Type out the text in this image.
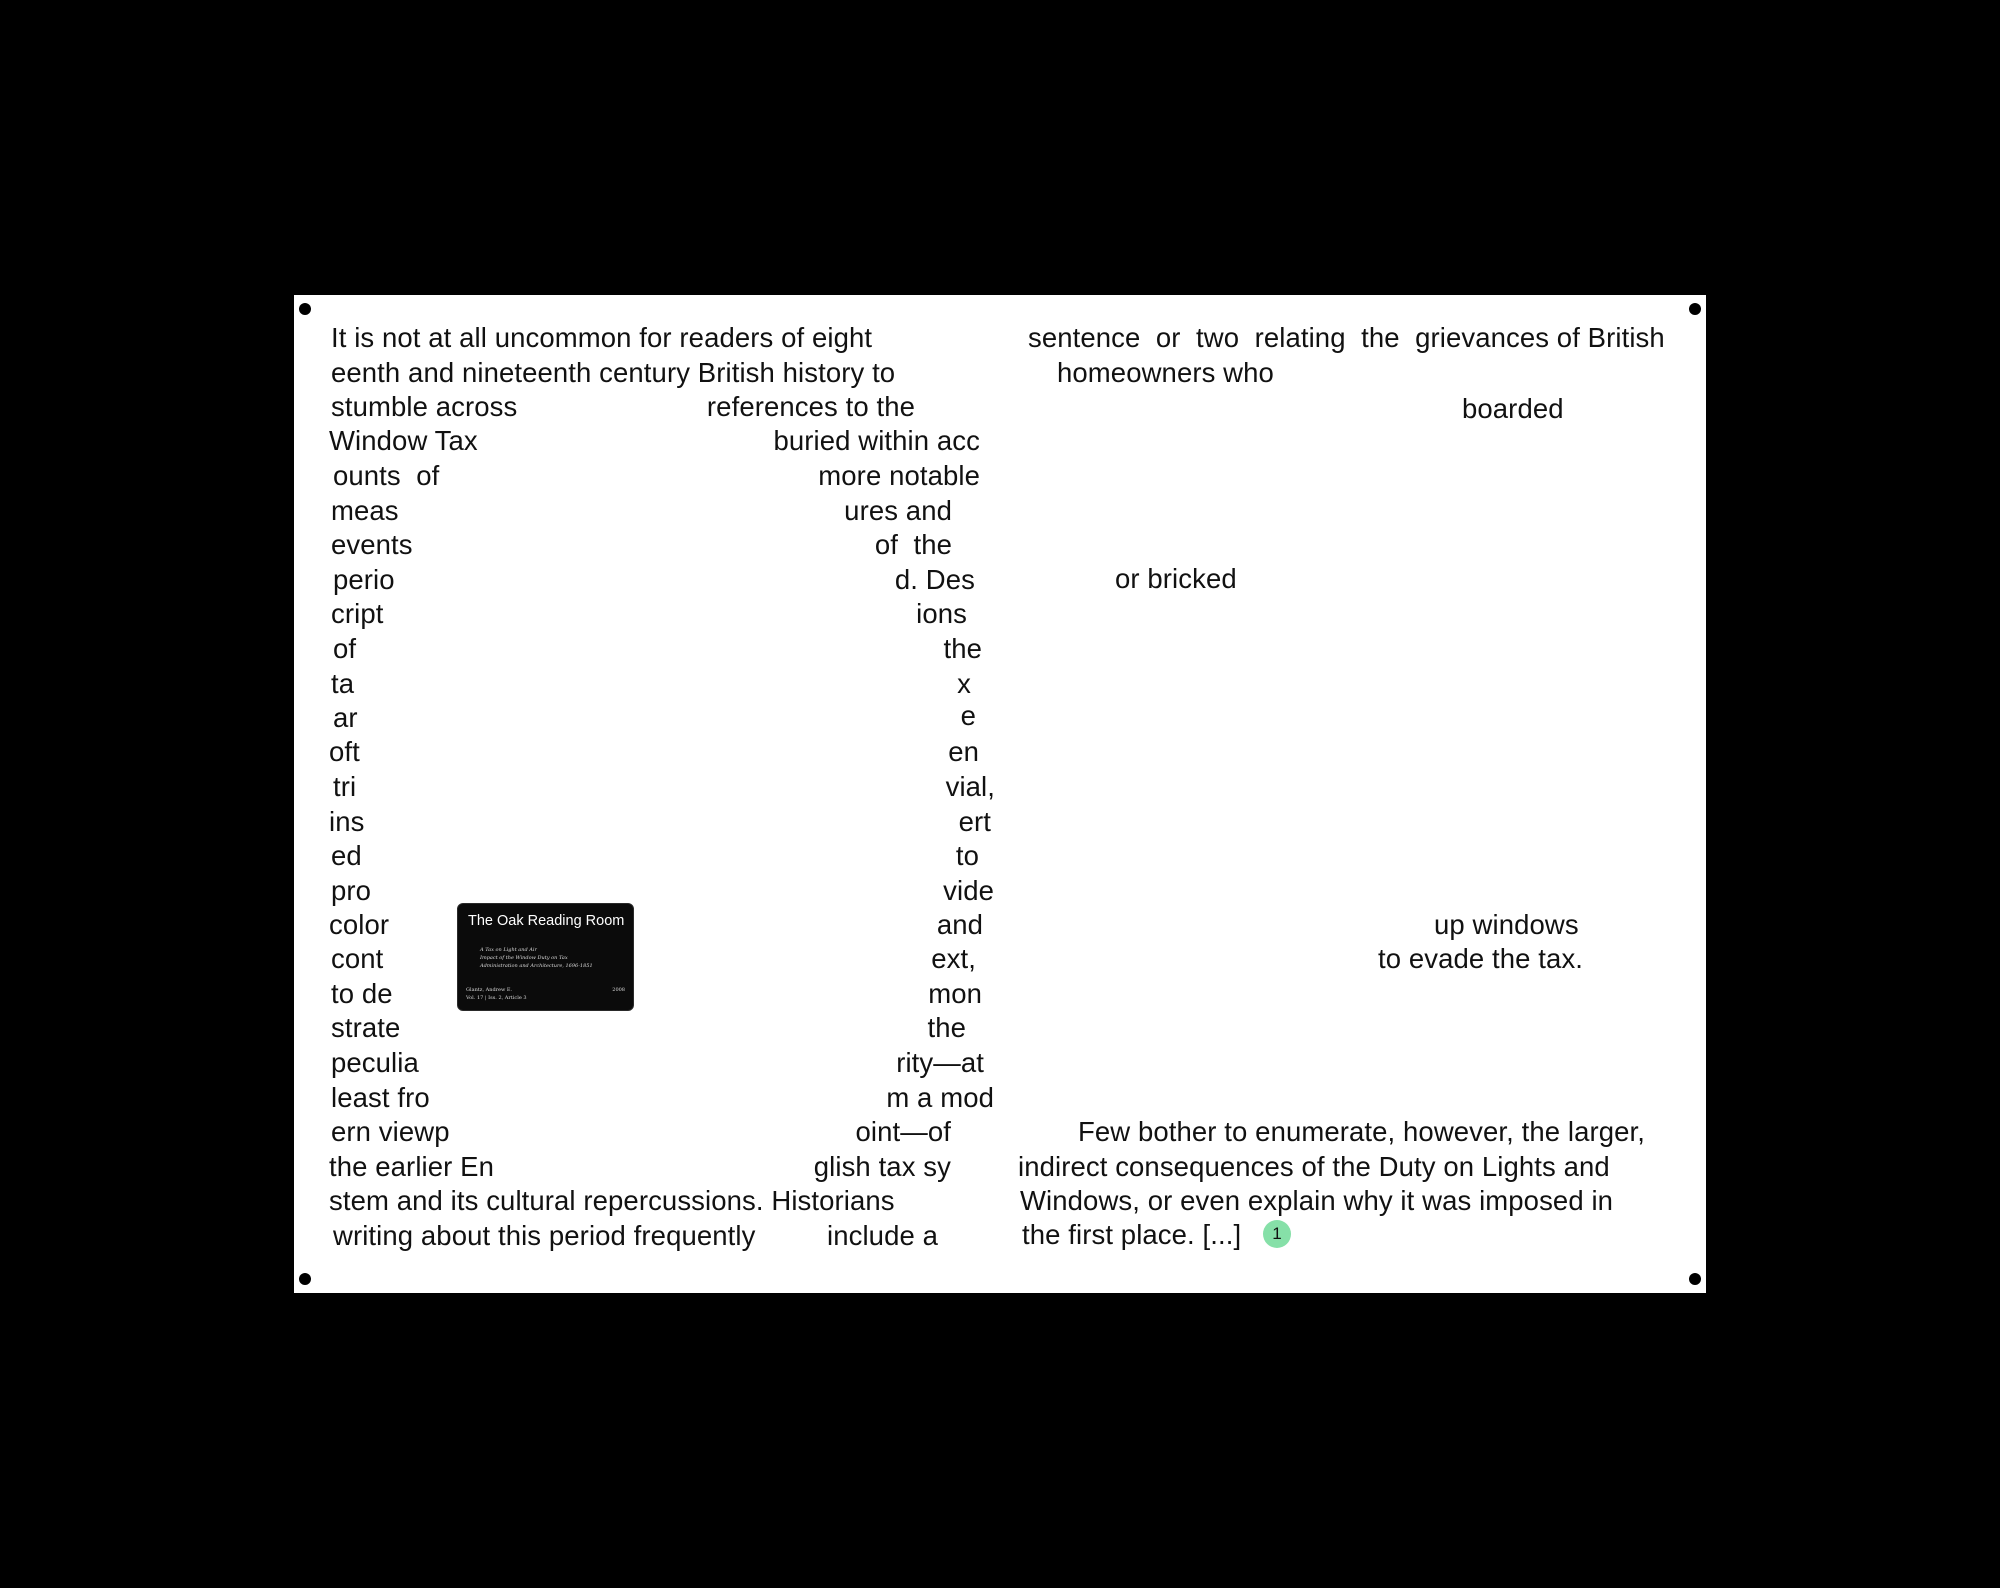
It is not at all uncommon for readers of eight
eenth and nineteenth century British history to
stumble across
Window Tax
ounts  of
meas
events
perio
cript
of
ta
ar
oft
tri
ins
ed
pro
color
cont
to de
strate
peculia
least fro
ern viewp
the earlier En
stem and its cultural repercussions. Historians
writing about this period frequently
references to the
buried within acc
more notable
ures and
of  the
d. Des
ions
the
x
e
en
vial,
ert
to
vide
and
ext,
mon
the
rity—at
m a mod
oint—of
glish tax sy
include a
sentence  or  two  relating  the  grievances of British
homeowners who
boarded
or bricked
up windows
to evade the tax.
Few bother to enumerate, however, the larger,
indirect consequences of the Duty on Lights and
Windows, or even explain why it was imposed in
the first place. [...]	1
The Oak Reading Room
A Tax on Light and Air
Impact of the Window Duty on Tax
Administration and Architecture, 1696-1851
Glantz, Andrew E.
Vol. 17 | Iss. 2, Article 3
2008
